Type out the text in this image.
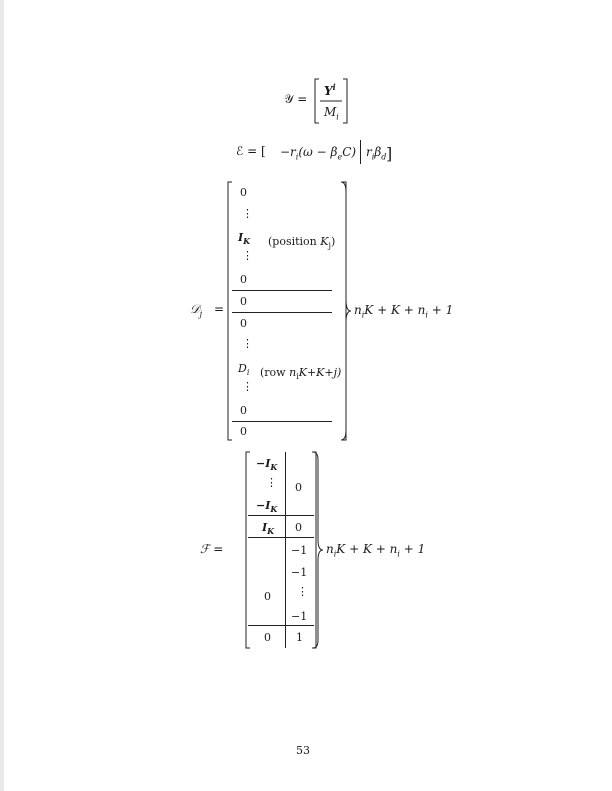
𝒴 =
$Y^i$
$M_i$
ℰ = [ $-r_i(\omega - \beta_eC)$ $r_i\beta_d$ ]
𝒟$_j$ =
0
⋮
$I_K$ (position $K_j$)
⋮
0
0
0
⋮
$D_i$ (row $n_iK+K+j$)
⋮
0
0
$n_iK + K + n_i + 1$
ℱ =
$-I_K$
⋮
$-I_K$
$I_K$
0
0
0
0
−1
−1
⋮
−1
1
$n_iK + K + n_i + 1$
53
